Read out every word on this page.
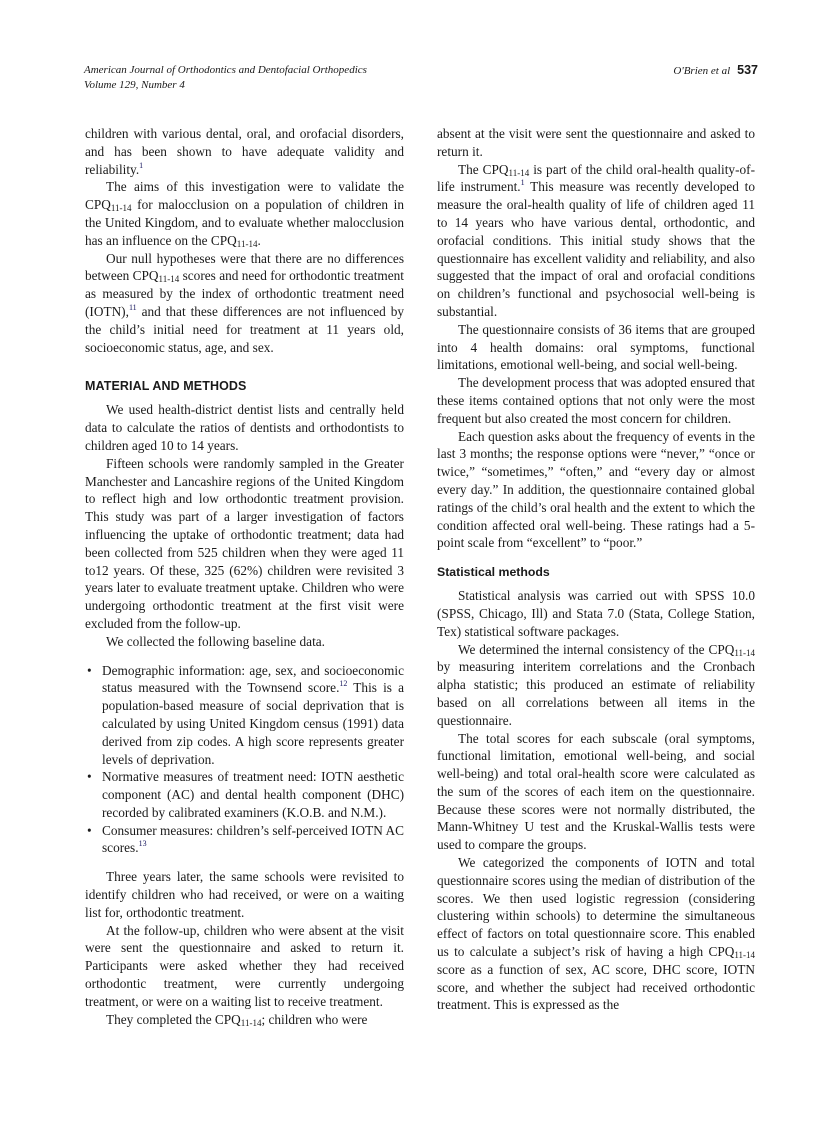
American Journal of Orthodontics and Dentofacial Orthopedics
Volume 129, Number 4
O'Brien et al 537

children with various dental, oral, and orofacial disorders, and has been shown to have adequate validity and reliability.$^1$

The aims of this investigation were to validate the $CPQ_{11-14}$ for malocclusion on a population of children in the United Kingdom, and to evaluate whether malocclusion has an influence on the $CPQ_{11-14}$.

Our null hypotheses were that there are no differences between $CPQ_{11-14}$ scores and need for orthodontic treatment as measured by the index of orthodontic treatment need (IOTN),$^{11}$ and that these differences are not influenced by the child’s initial need for treatment at 11 years old, socioeconomic status, age, and sex.

MATERIAL AND METHODS

We used health-district dentist lists and centrally held data to calculate the ratios of dentists and orthodontists to children aged 10 to 14 years.

Fifteen schools were randomly sampled in the Greater Manchester and Lancashire regions of the United Kingdom to reflect high and low orthodontic treatment provision. This study was part of a larger investigation of factors influencing the uptake of orthodontic treatment; data had been collected from 525 children when they were aged 11 to12 years. Of these, 325 (62%) children were revisited 3 years later to evaluate treatment uptake. Children who were undergoing orthodontic treatment at the first visit were excluded from the follow-up.

We collected the following baseline data.

• Demographic information: age, sex, and socioeconomic status measured with the Townsend score.$^{12}$ This is a population-based measure of social deprivation that is calculated by using United Kingdom census (1991) data derived from zip codes. A high score represents greater levels of deprivation.
• Normative measures of treatment need: IOTN aesthetic component (AC) and dental health component (DHC) recorded by calibrated examiners (K.O.B. and N.M.).
• Consumer measures: children’s self-perceived IOTN AC scores.$^{13}$

Three years later, the same schools were revisited to identify children who had received, or were on a waiting list for, orthodontic treatment.

At the follow-up, children who were absent at the visit were sent the questionnaire and asked to return it. Participants were asked whether they had received orthodontic treatment, were currently undergoing treatment, or were on a waiting list to receive treatment.

They completed the $CPQ_{11-14}$; children who were

absent at the visit were sent the questionnaire and asked to return it.

The $CPQ_{11-14}$ is part of the child oral-health quality-of-life instrument.$^1$ This measure was recently developed to measure the oral-health quality of life of children aged 11 to 14 years who have various dental, orthodontic, and orofacial conditions. This initial study shows that the questionnaire has excellent validity and reliability, and also suggested that the impact of oral and orofacial conditions on children’s functional and psychosocial well-being is substantial.

The questionnaire consists of 36 items that are grouped into 4 health domains: oral symptoms, functional limitations, emotional well-being, and social well-being.

The development process that was adopted ensured that these items contained options that not only were the most frequent but also created the most concern for children.

Each question asks about the frequency of events in the last 3 months; the response options were “never,” “once or twice,” “sometimes,” “often,” and “every day or almost every day.” In addition, the questionnaire contained global ratings of the child’s oral health and the extent to which the condition affected oral well-being. These ratings had a 5-point scale from “excellent” to “poor.”

Statistical methods

Statistical analysis was carried out with SPSS 10.0 (SPSS, Chicago, Ill) and Stata 7.0 (Stata, College Station, Tex) statistical software packages.

We determined the internal consistency of the $CPQ_{11-14}$ by measuring interitem correlations and the Cronbach alpha statistic; this produced an estimate of reliability based on all correlations between all items in the questionnaire.

The total scores for each subscale (oral symptoms, functional limitation, emotional well-being, and social well-being) and total oral-health score were calculated as the sum of the scores of each item on the questionnaire. Because these scores were not normally distributed, the Mann-Whitney U test and the Kruskal-Wallis tests were used to compare the groups.

We categorized the components of IOTN and total questionnaire scores using the median of distribution of the scores. We then used logistic regression (considering clustering within schools) to determine the simultaneous effect of factors on total questionnaire score. This enabled us to calculate a subject’s risk of having a high $CPQ_{11-14}$ score as a function of sex, AC score, DHC score, IOTN score, and whether the subject had received orthodontic treatment. This is expressed as the
